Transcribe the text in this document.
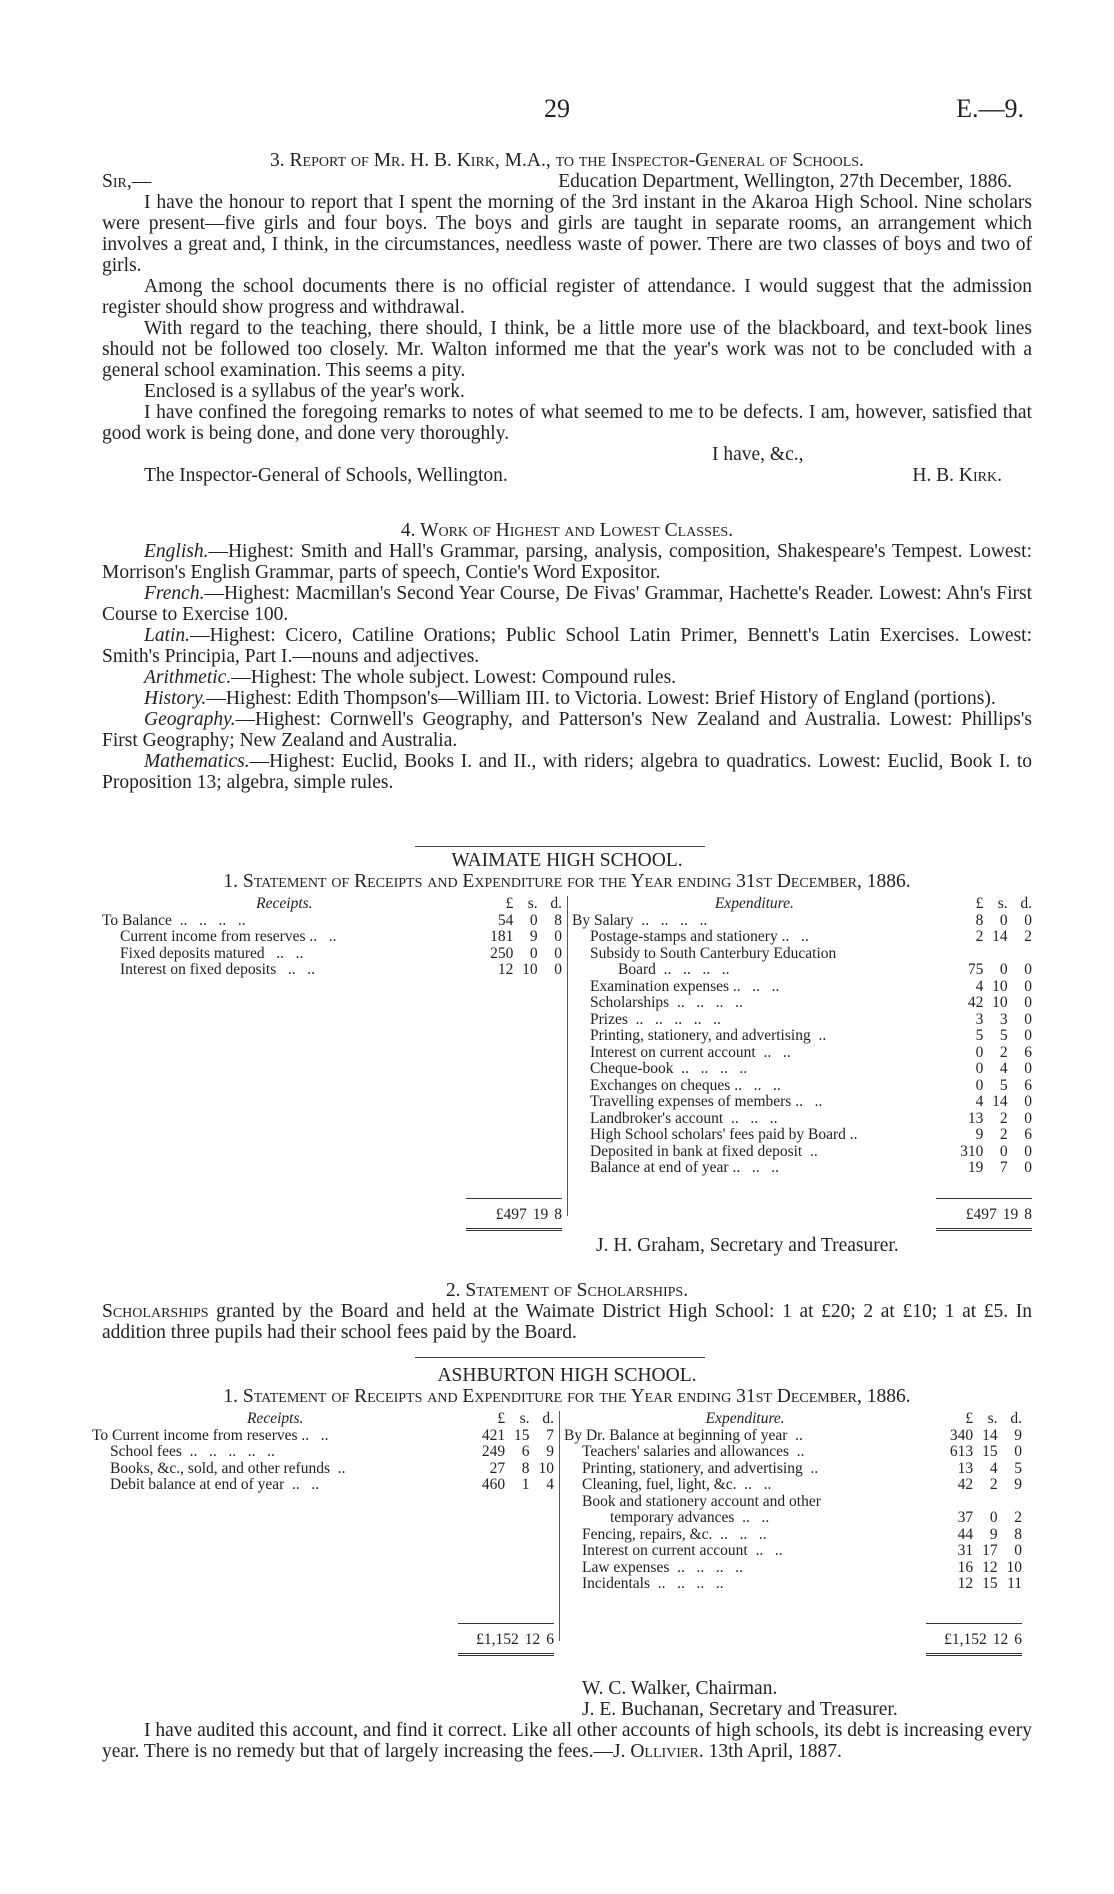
29	E.—9.

3. Report of Mr. H. B. Kirk, M.A., to the Inspector-General of Schools.

Sir,—	Education Department, Wellington, 27th December, 1886.

I have the honour to report that I spent the morning of the 3rd instant in the Akaroa High School. Nine scholars were present—five girls and four boys. The boys and girls are taught in separate rooms, an arrangement which involves a great and, I think, in the circumstances, needless waste of power. There are two classes of boys and two of girls.

Among the school documents there is no official register of attendance. I would suggest that the admission register should show progress and withdrawal.

With regard to the teaching, there should, I think, be a little more use of the blackboard, and text-book lines should not be followed too closely. Mr. Walton informed me that the year's work was not to be concluded with a general school examination. This seems a pity.

Enclosed is a syllabus of the year's work.

I have confined the foregoing remarks to notes of what seemed to me to be defects. I am, however, satisfied that good work is being done, and done very thoroughly.

I have, &c.,

The Inspector-General of Schools, Wellington.	H. B. Kirk.

4. Work of Highest and Lowest Classes.

English.—Highest: Smith and Hall's Grammar, parsing, analysis, composition, Shakespeare's Tempest. Lowest: Morrison's English Grammar, parts of speech, Contie's Word Expositor.

French.—Highest: Macmillan's Second Year Course, De Fivas' Grammar, Hachette's Reader. Lowest: Ahn's First Course to Exercise 100.

Latin.—Highest: Cicero, Catiline Orations; Public School Latin Primer, Bennett's Latin Exercises. Lowest: Smith's Principia, Part I.—nouns and adjectives.

Arithmetic.—Highest: The whole subject. Lowest: Compound rules.

History.—Highest: Edith Thompson's—William III. to Victoria. Lowest: Brief History of England (portions).

Geography.—Highest: Cornwell's Geography, and Patterson's New Zealand and Australia. Lowest: Phillips's First Geography; New Zealand and Australia.

Mathematics.—Highest: Euclid, Books I. and II., with riders; algebra to quadratics. Lowest: Euclid, Book I. to Proposition 13; algebra, simple rules.

WAIMATE HIGH SCHOOL.

1. Statement of Receipts and Expenditure for the Year ending 31st December, 1886.

Receipts.	£	s.	d.
To Balance  ..   ..   ..   ..	54	0	8
Current income from reserves ..   ..	181	9	0
Fixed deposits matured   ..   ..	250	0	0
Interest on fixed deposits   ..   ..	12	10	0
£497 19 8
Expenditure.	£	s.	d.
By Salary  ..   ..   ..   ..	8	0	0
Postage-stamps and stationery ..   ..	2	14	2
Subsidy to South Canterbury Education			
Board  ..   ..   ..   ..	75	0	0
Examination expenses ..   ..   ..	4	10	0
Scholarships  ..   ..   ..   ..	42	10	0
Prizes  ..   ..   ..   ..   ..	3	3	0
Printing, stationery, and advertising  ..	5	5	0
Interest on current account  ..   ..	0	2	6
Cheque-book  ..   ..   ..   ..	0	4	0
Exchanges on cheques ..   ..   ..	0	5	6
Travelling expenses of members ..   ..	4	14	0
Landbroker's account  ..   ..   ..	13	2	0
High School scholars' fees paid by Board ..	9	2	6
Deposited in bank at fixed deposit  ..	310	0	0
Balance at end of year ..   ..   ..	19	7	0
£497 19 8

J. H. Graham, Secretary and Treasurer.

2. Statement of Scholarships.

Scholarships granted by the Board and held at the Waimate District High School: 1 at £20; 2 at £10; 1 at £5. In addition three pupils had their school fees paid by the Board.

ASHBURTON HIGH SCHOOL.

1. Statement of Receipts and Expenditure for the Year ending 31st December, 1886.

Receipts.	£	s.	d.
To Current income from reserves ..   ..	421	15	7
School fees  ..   ..   ..   ..   ..	249	6	9
Books, &c., sold, and other refunds  ..	27	8	10
Debit balance at end of year  ..   ..	460	1	4
£1,152 12 6
Expenditure.	£	s.	d.
By Dr. Balance at beginning of year  ..	340	14	9
Teachers' salaries and allowances  ..	613	15	0
Printing, stationery, and advertising  ..	13	4	5
Cleaning, fuel, light, &c.  ..   ..	42	2	9
Book and stationery account and other			
temporary advances  ..   ..	37	0	2
Fencing, repairs, &c.  ..   ..   ..	44	9	8
Interest on current account  ..   ..	31	17	0
Law expenses  ..   ..   ..   ..	16	12	10
Incidentals  ..   ..   ..   ..	12	15	11
£1,152 12 6

W. C. Walker, Chairman.

J. E. Buchanan, Secretary and Treasurer.

I have audited this account, and find it correct. Like all other accounts of high schools, its debt is increasing every year. There is no remedy but that of largely increasing the fees.—J. Ollivier. 13th April, 1887.
